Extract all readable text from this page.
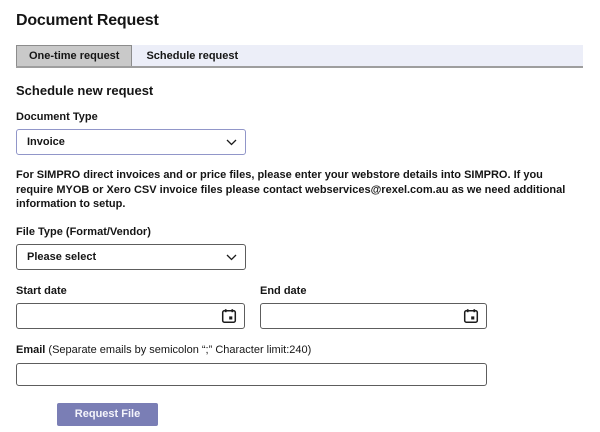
Document Request
One-time request Schedule request
Schedule new request
Document Type
Invoice
For SIMPRO direct invoices and or price files, please enter your webstore details into SIMPRO. If you require MYOB or Xero CSV invoice files please contact webservices@rexel.com.au as we need additional information to setup.
File Type (Format/Vendor)
Please select
Start date	End date
Email (Separate emails by semicolon “;” Character limit:240)
Request File
